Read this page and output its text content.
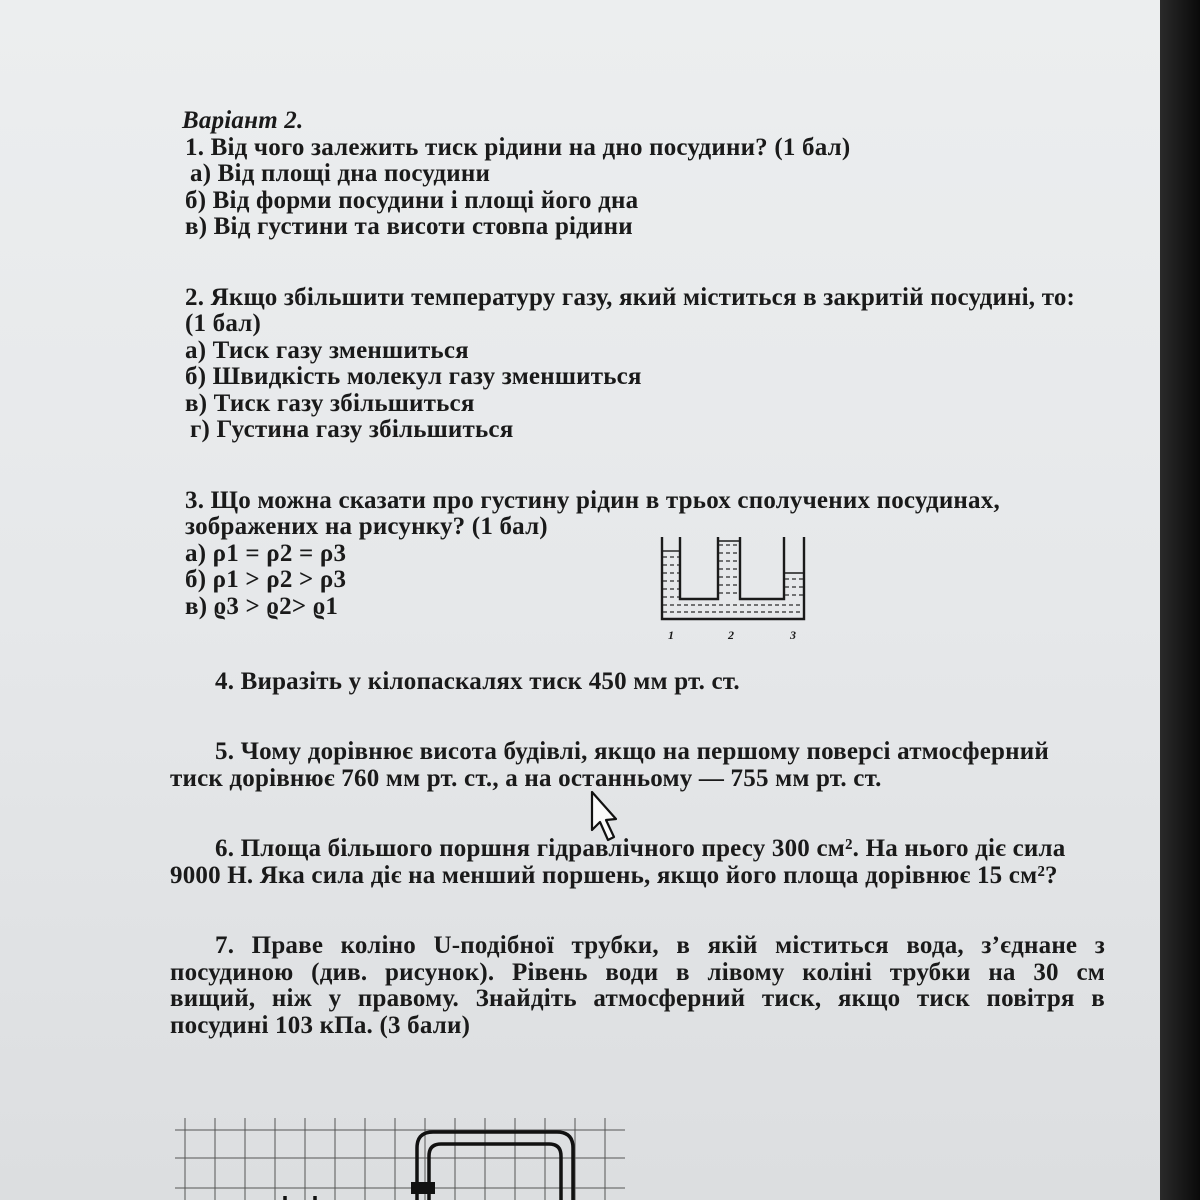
Варіант 2.
1. Від чого залежить тиск рідини на дно посудини? (1 бал)
а) Від площі дна посудини
б) Від форми посудини і площі його дна
в) Від густини та висоти стовпа рідини
2. Якщо збільшити температуру газу, який міститься в закритій посудині, то:
(1 бал)
а) Тиск газу зменшиться
б) Швидкість молекул газу зменшиться
в) Тиск газу збільшиться
г) Густина газу збільшиться
3. Що можна сказати про густину рідин в трьох сполучених посудинах,
зображених на рисунку? (1 бал)
а) ρ1 = ρ2 = ρ3
б) ρ1 > ρ2 > ρ3
в) ϱ3 > ϱ2> ϱ1
1	2	3
4. Виразіть у кілопаскалях тиск 450 мм рт. ст.
5. Чому дорівнює висота будівлі, якщо на першому поверсі атмосферний
тиск дорівнює 760 мм рт. ст., а на останньому — 755 мм рт. ст.
6. Площа більшого поршня гідравлічного пресу 300 см². На нього діє сила
9000 Н. Яка сила діє на менший поршень, якщо його площа дорівнює 15 см²?
7. Праве коліно U-подібної трубки, в якій міститься вода, з’єднане з
посудиною (див. рисунок). Рівень води в лівому коліні трубки на 30 см
вищий, ніж у правому. Знайдіть атмосферний тиск, якщо тиск повітря в
посудині 103 кПа. (3 бали)
